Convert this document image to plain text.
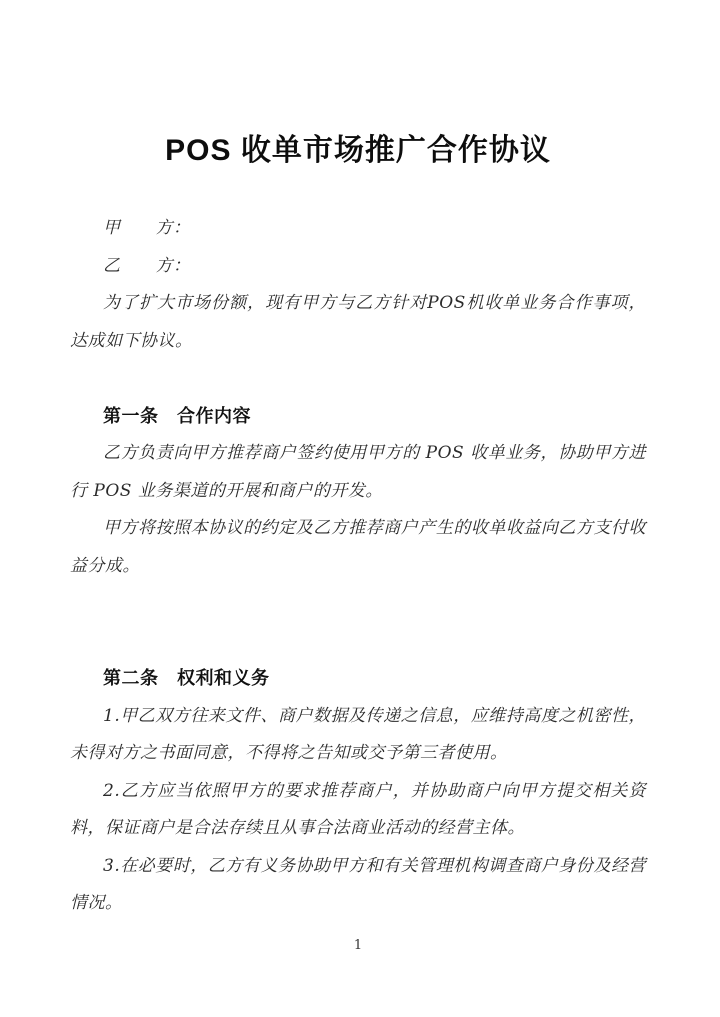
POS 收单市场推广合作协议
甲　　方：
乙　　方：

为了扩大市场份额，现有甲方与乙方针对POS机收单业务合作事项，达成如下协议。

第一条　合作内容

乙方负责向甲方推荐商户签约使用甲方的 POS 收单业务，协助甲方进行 POS 业务渠道的开展和商户的开发。

甲方将按照本协议的约定及乙方推荐商户产生的收单收益向乙方支付收益分成。

第二条　权利和义务

1.甲乙双方往来文件、商户数据及传递之信息，应维持高度之机密性，未得对方之书面同意，不得将之告知或交予第三者使用。

2.乙方应当依照甲方的要求推荐商户，并协助商户向甲方提交相关资料，保证商户是合法存续且从事合法商业活动的经营主体。

3.在必要时，乙方有义务协助甲方和有关管理机构调查商户身份及经营情况。

1
